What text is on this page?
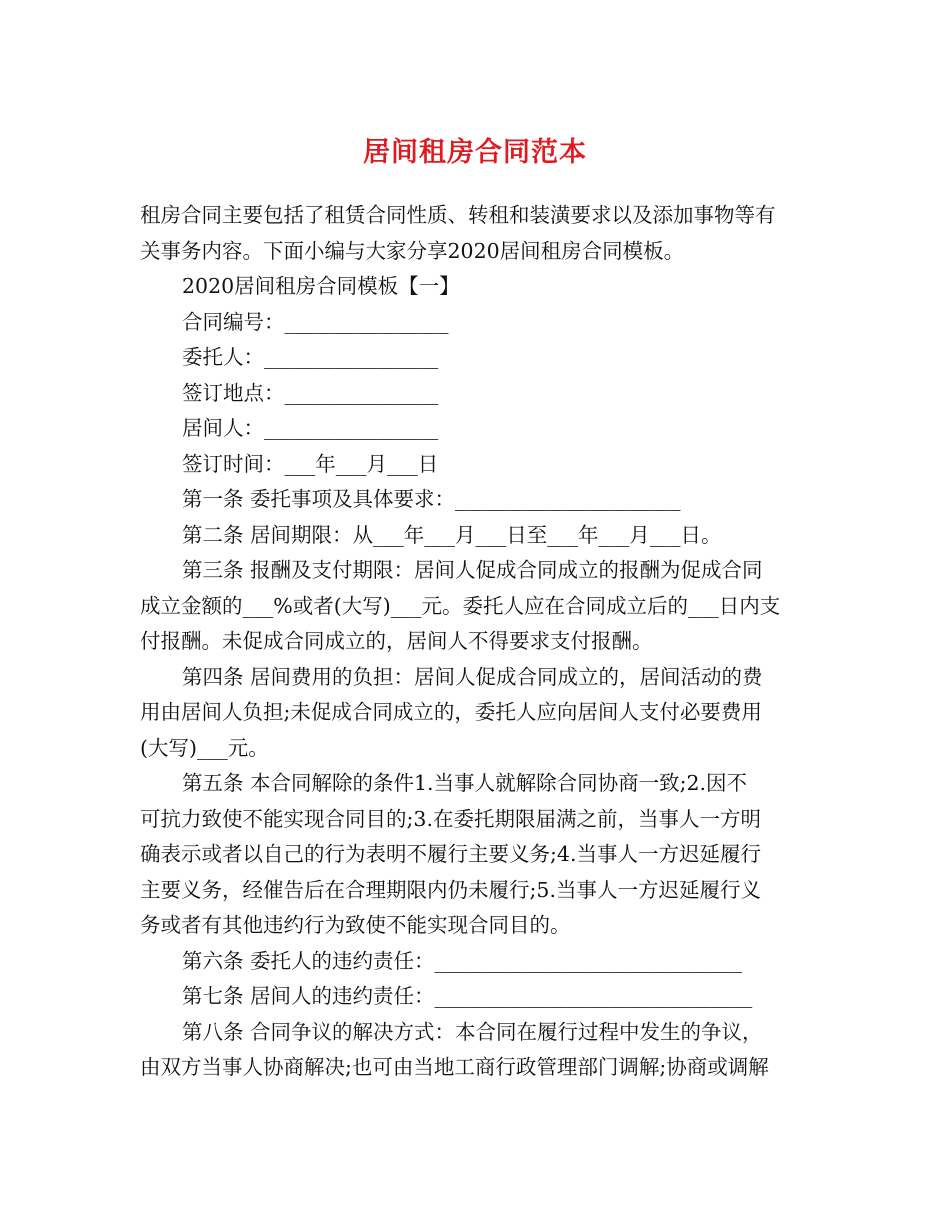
居间租房合同范本
租房合同主要包括了租赁合同性质、转租和装潢要求以及添加事物等有
关事务内容。下面小编与大家分享2020居间租房合同模板。
2020居间租房合同模板【一】
合同编号：________________
委托人：_________________
签订地点：_______________
居间人：_________________
签订时间：___年___月___日
第一条 委托事项及具体要求：______________________
第二条 居间期限：从___年___月___日至___年___月___日。
第三条 报酬及支付期限：居间人促成合同成立的报酬为促成合同
成立金额的___%或者(大写)___元。委托人应在合同成立后的___日内支
付报酬。未促成合同成立的，居间人不得要求支付报酬。
第四条 居间费用的负担：居间人促成合同成立的，居间活动的费
用由居间人负担;未促成合同成立的，委托人应向居间人支付必要费用
(大写)___元。
第五条 本合同解除的条件1.当事人就解除合同协商一致;2.因不
可抗力致使不能实现合同目的;3.在委托期限届满之前，当事人一方明
确表示或者以自己的行为表明不履行主要义务;4.当事人一方迟延履行
主要义务，经催告后在合理期限内仍未履行;5.当事人一方迟延履行义
务或者有其他违约行为致使不能实现合同目的。
第六条 委托人的违约责任：______________________________
第七条 居间人的违约责任：_______________________________
第八条 合同争议的解决方式：本合同在履行过程中发生的争议，
由双方当事人协商解决;也可由当地工商行政管理部门调解;协商或调解
